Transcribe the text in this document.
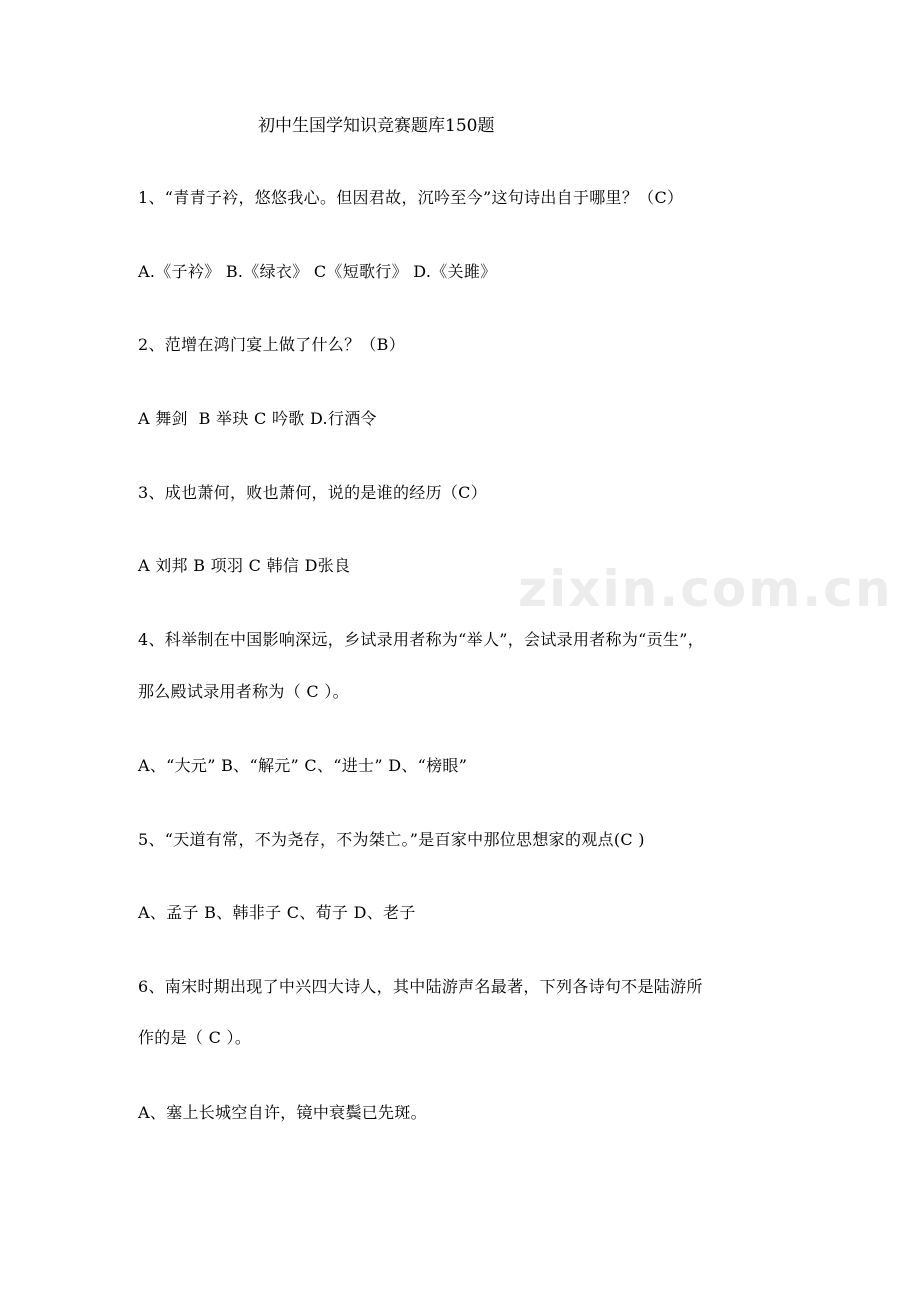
zixin.com.cn
初中生国学知识竞赛题库150题
1、“青青子衿，悠悠我心。但因君故，沉吟至今”这句诗出自于哪里？（C）
A.《子衿》 B.《绿衣》 C《短歌行》 D.《关雎》
2、范增在鸿门宴上做了什么？（B）
A 舞剑  B 举玦 C 吟歌 D.行酒令
3、成也萧何，败也萧何，说的是谁的经历（C）
A 刘邦 B 项羽 C 韩信 D张良
4、科举制在中国影响深远，乡试录用者称为“举人”，会试录用者称为“贡生”，
那么殿试录用者称为（ C ）。
A、“大元” B、“解元” C、“进士” D、“榜眼”
5、“天道有常，不为尧存，不为桀亡。”是百家中那位思想家的观点(C )
A、孟子 B、韩非子 C、荀子 D、老子
6、南宋时期出现了中兴四大诗人，其中陆游声名最著，下列各诗句不是陆游所
作的是（ C ）。
A、塞上长城空自许，镜中衰鬓已先斑。
